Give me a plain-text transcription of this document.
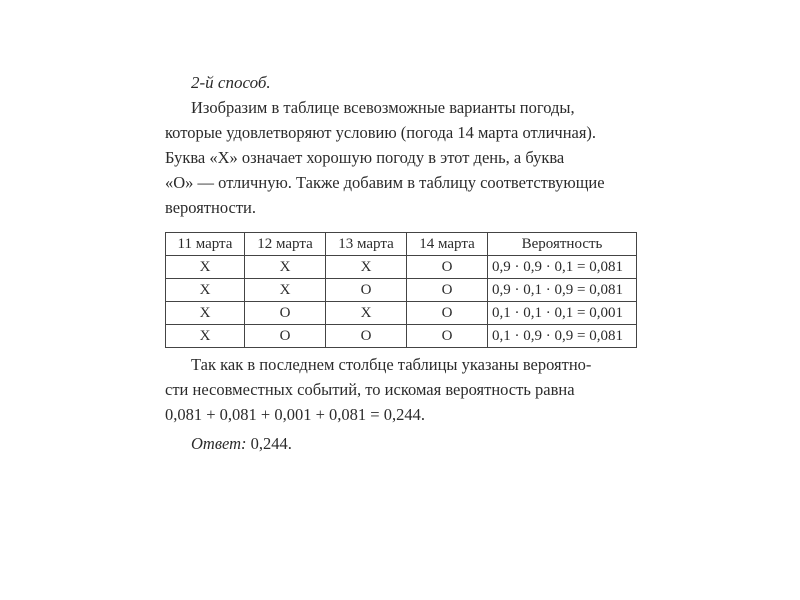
2-й способ.

Изобразим в таблице всевозможные варианты погоды,
которые удовлетворяют условию (погода 14 марта отличная).
Буква «Х» означает хорошую погоду в этот день, а буква
«О» — отличную. Также добавим в таблицу соответствующие
вероятности.

11 марта	12 марта	13 марта	14 марта	Вероятность
Х	Х	Х	О	0,9 · 0,9 · 0,1 = 0,081
Х	Х	О	О	0,9 · 0,1 · 0,9 = 0,081
Х	О	Х	О	0,1 · 0,1 · 0,1 = 0,001
Х	О	О	О	0,1 · 0,9 · 0,9 = 0,081

Так как в последнем столбце таблицы указаны вероятно-
сти несовместных событий, то искомая вероятность равна
0,081 + 0,081 + 0,001 + 0,081 = 0,244.

Ответ: 0,244.
